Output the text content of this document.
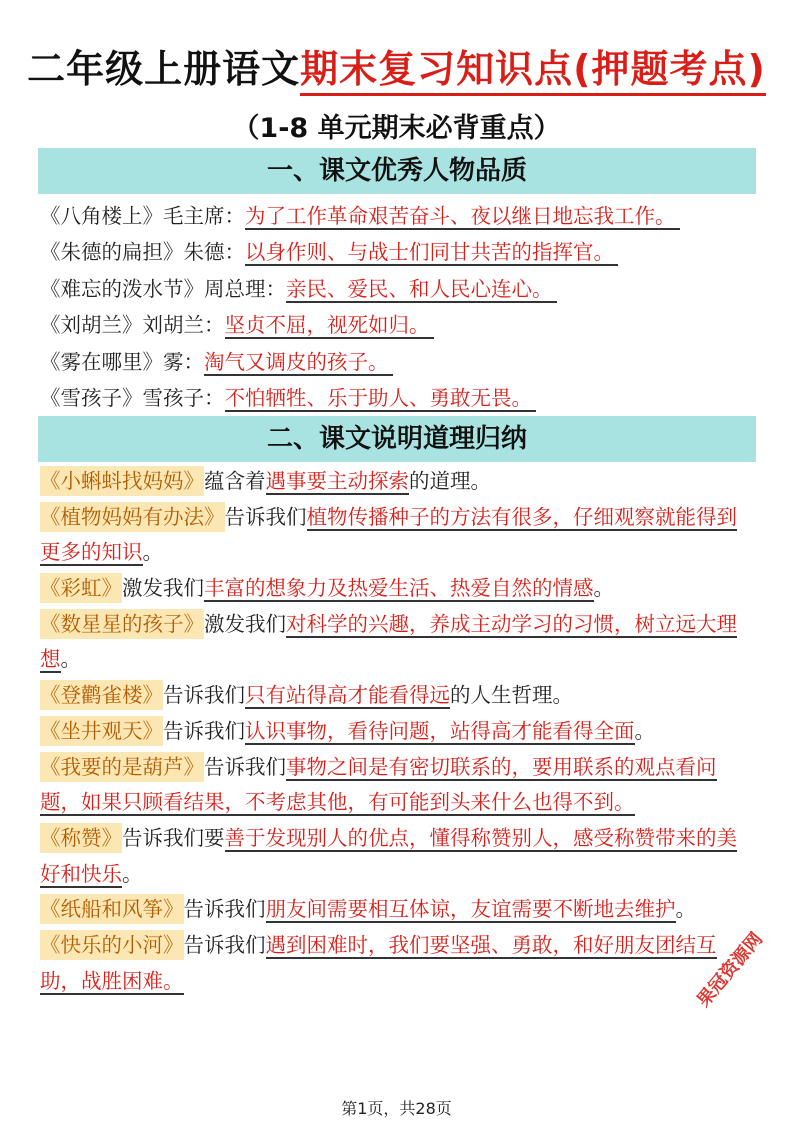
二年级上册语文期末复习知识点(押题考点)
（1-8 单元期末必背重点）
一、课文优秀人物品质
《八角楼上》毛主席：为了工作革命艰苦奋斗、夜以继日地忘我工作。
《朱德的扁担》朱德：以身作则、与战士们同甘共苦的指挥官。
《难忘的泼水节》周总理：亲民、爱民、和人民心连心。
《刘胡兰》刘胡兰：坚贞不屈，视死如归。
《雾在哪里》雾：淘气又调皮的孩子。
《雪孩子》雪孩子：不怕牺牲、乐于助人、勇敢无畏。
二、课文说明道理归纳
《小蝌蚪找妈妈》蕴含着遇事要主动探索的道理。
《植物妈妈有办法》告诉我们植物传播种子的方法有很多，仔细观察就能得到更多的知识。
《彩虹》激发我们丰富的想象力及热爱生活、热爱自然的情感。
《数星星的孩子》激发我们对科学的兴趣，养成主动学习的习惯，树立远大理想。
《登鹳雀楼》告诉我们只有站得高才能看得远的人生哲理。
《坐井观天》告诉我们认识事物，看待问题，站得高才能看得全面。
《我要的是葫芦》告诉我们事物之间是有密切联系的，要用联系的观点看问题，如果只顾看结果，不考虑其他，有可能到头来什么也得不到。
《称赞》告诉我们要善于发现别人的优点，懂得称赞别人，感受称赞带来的美好和快乐。
《纸船和风筝》告诉我们朋友间需要相互体谅，友谊需要不断地去维护。
《快乐的小河》告诉我们遇到困难时，我们要坚强、勇敢，和好朋友团结互助，战胜困难。	果冠资源网
第1页，共28页
